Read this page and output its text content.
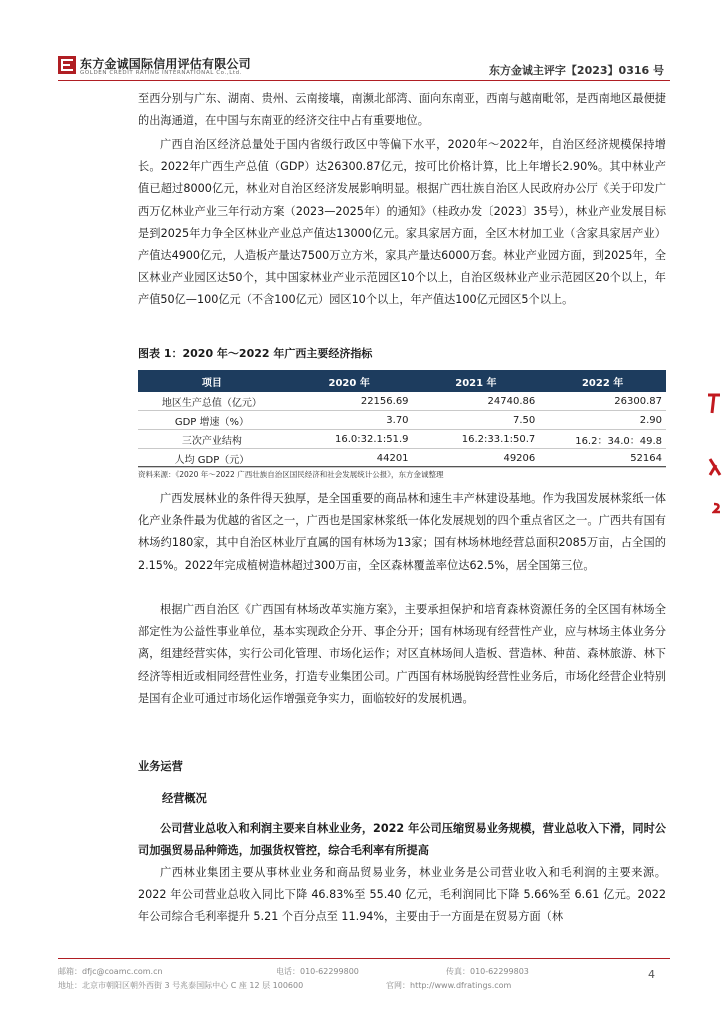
东方金诚国际信用评估有限公司
GOLDEN CREDIT RATING INTERNATIONAL Co.,Ltd.	东方金诚主评字【2023】0316 号

至西分别与广东、湖南、贵州、云南接壤，南濒北部湾、面向东南亚，西南与越南毗邻，是西南地区最便捷的出海通道，在中国与东南亚的经济交往中占有重要地位。

广西自治区经济总量处于国内省级行政区中等偏下水平，2020年～2022年，自治区经济规模保持增长。2022年广西生产总值（GDP）达26300.87亿元，按可比价格计算，比上年增长2.90%。其中林业产值已超过8000亿元，林业对自治区经济发展影响明显。根据广西壮族自治区人民政府办公厅《关于印发广西万亿林业产业三年行动方案（2023—2025年）的通知》（桂政办发〔2023〕35号），林业产业发展目标是到2025年力争全区林业产业总产值达13000亿元。家具家居方面，全区木材加工业（含家具家居产业）产值达4900亿元，人造板产量达7500万立方米，家具产量达6000万套。林业产业园方面，到2025年，全区林业产业园区达50个，其中国家林业产业示范园区10个以上，自治区级林业产业示范园区20个以上，年产值50亿—100亿元（不含100亿元）园区10个以上，年产值达100亿元园区5个以上。

图表 1：2020 年～2022 年广西主要经济指标
项目	2020 年	2021 年	2022 年
地区生产总值（亿元）	22156.69	24740.86	26300.87
GDP 增速（%）	3.70	7.50	2.90
三次产业结构	16.0:32.1:51.9	16.2:33.1:50.7	16.2：34.0：49.8
人均 GDP（元）	44201	49206	52164
资料来源：《2020 年～2022 广西壮族自治区国民经济和社会发展统计公报》，东方金诚整理

广西发展林业的条件得天独厚，是全国重要的商品林和速生丰产林建设基地。作为我国发展林浆纸一体化产业条件最为优越的省区之一，广西也是国家林浆纸一体化发展规划的四个重点省区之一。广西共有国有林场约180家，其中自治区林业厅直属的国有林场为13家；国有林场林地经营总面积2085万亩，占全国的2.15%。2022年完成植树造林超过300万亩，全区森林覆盖率位达62.5%，居全国第三位。

根据广西自治区《广西国有林场改革实施方案》，主要承担保护和培育森林资源任务的全区国有林场全部定性为公益性事业单位，基本实现政企分开、事企分开；国有林场现有经营性产业，应与林场主体业务分离，组建经营实体，实行公司化管理、市场化运作；对区直林场间人造板、营造林、种苗、森林旅游、林下经济等相近或相同经营性业务，打造专业集团公司。广西国有林场脱钩经营性业务后，市场化经营企业特别是国有企业可通过市场化运作增强竞争实力，面临较好的发展机遇。

业务运营
经营概况

公司营业总收入和利润主要来自林业业务，2022 年公司压缩贸易业务规模，营业总收入下滑，同时公司加强贸易品种筛选，加强货权管控，综合毛利率有所提高

广西林业集团主要从事林业业务和商品贸易业务，林业业务是公司营业收入和毛利润的主要来源。2022 年公司营业总收入同比下降 46.83%至 55.40 亿元，毛利润同比下降 5.66%至 6.61 亿元。2022 年公司综合毛利率提升 5.21 个百分点至 11.94%，主要由于一方面是在贸易方面（林

邮箱：dfjc@coamc.com.cn	电话：010-62299800	传真：010-62299803
地址：北京市朝阳区朝外西街 3 号兆泰国际中心 C 座 12 层 100600	官网：http://www.dfratings.com
4
